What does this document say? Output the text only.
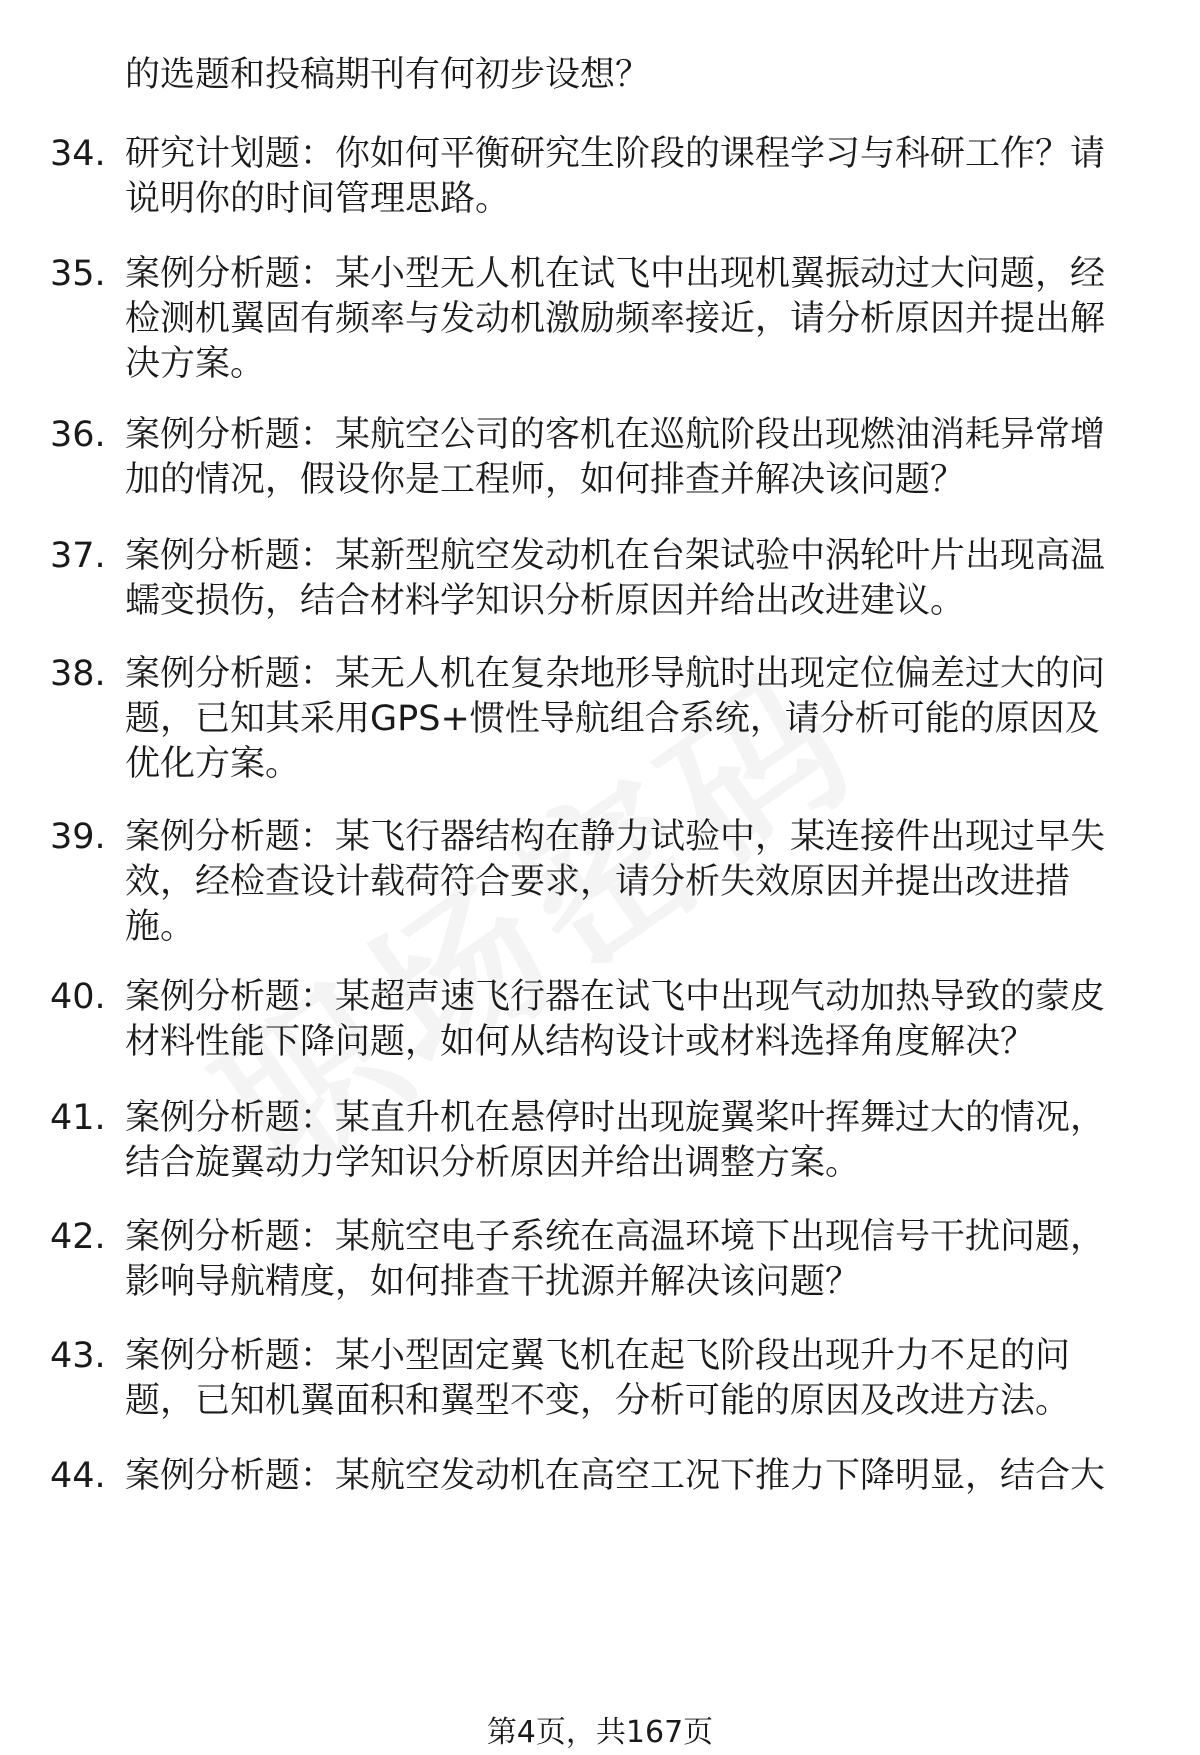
的选题和投稿期刊有何初步设想？
34. 研究计划题：你如何平衡研究生阶段的课程学习与科研工作？请
说明你的时间管理思路。
35. 案例分析题：某小型无人机在试飞中出现机翼振动过大问题，经
检测机翼固有频率与发动机激励频率接近，请分析原因并提出解
决方案。
36. 案例分析题：某航空公司的客机在巡航阶段出现燃油消耗异常增
加的情况，假设你是工程师，如何排查并解决该问题？
37. 案例分析题：某新型航空发动机在台架试验中涡轮叶片出现高温
蠕变损伤，结合材料学知识分析原因并给出改进建议。
38. 案例分析题：某无人机在复杂地形导航时出现定位偏差过大的问
题，已知其采用GPS+惯性导航组合系统，请分析可能的原因及
优化方案。
39. 案例分析题：某飞行器结构在静力试验中，某连接件出现过早失
效，经检查设计载荷符合要求，请分析失效原因并提出改进措
施。
40. 案例分析题：某超声速飞行器在试飞中出现气动加热导致的蒙皮
材料性能下降问题，如何从结构设计或材料选择角度解决？
41. 案例分析题：某直升机在悬停时出现旋翼桨叶挥舞过大的情况，
结合旋翼动力学知识分析原因并给出调整方案。
42. 案例分析题：某航空电子系统在高温环境下出现信号干扰问题，
影响导航精度，如何排查干扰源并解决该问题？
43. 案例分析题：某小型固定翼飞机在起飞阶段出现升力不足的问
题，已知机翼面积和翼型不变，分析可能的原因及改进方法。
44. 案例分析题：某航空发动机在高空工况下推力下降明显，结合大
第4页，共167页
